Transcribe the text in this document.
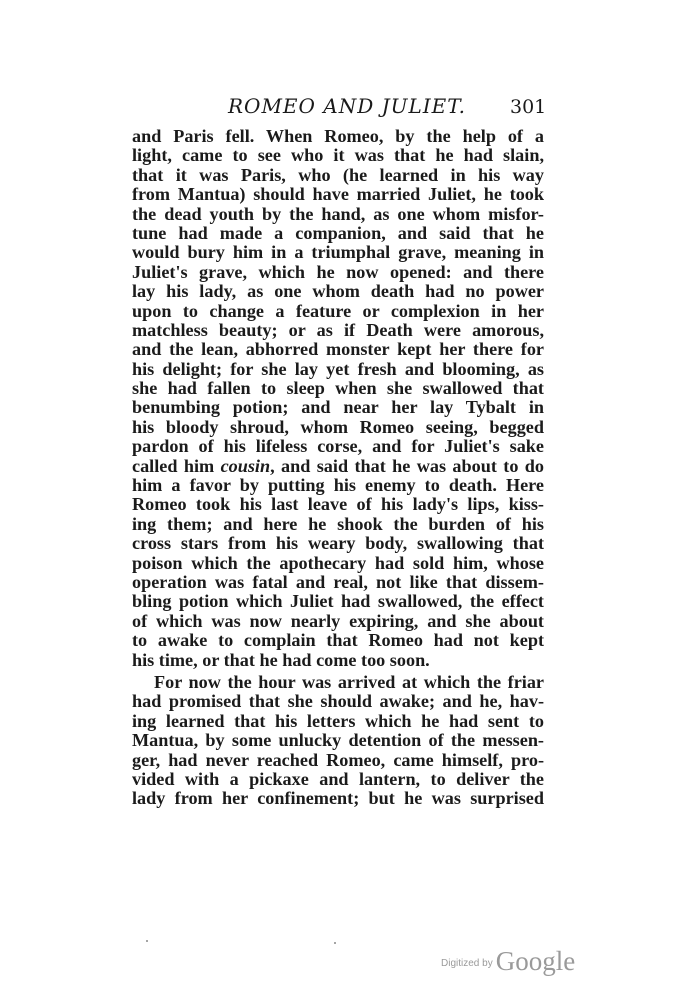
ROMEO AND JULIET. 301
and Paris fell. When Romeo, by the help of a
light, came to see who it was that he had slain,
that it was Paris, who (he learned in his way
from Mantua) should have married Juliet, he took
the dead youth by the hand, as one whom misfor-
tune had made a companion, and said that he
would bury him in a triumphal grave, meaning in
Juliet's grave, which he now opened: and there
lay his lady, as one whom death had no power
upon to change a feature or complexion in her
matchless beauty; or as if Death were amorous,
and the lean, abhorred monster kept her there for
his delight; for she lay yet fresh and blooming, as
she had fallen to sleep when she swallowed that
benumbing potion; and near her lay Tybalt in
his bloody shroud, whom Romeo seeing, begged
pardon of his lifeless corse, and for Juliet's sake
called him cousin, and said that he was about to do
him a favor by putting his enemy to death. Here
Romeo took his last leave of his lady's lips, kiss-
ing them; and here he shook the burden of his
cross stars from his weary body, swallowing that
poison which the apothecary had sold him, whose
operation was fatal and real, not like that dissem-
bling potion which Juliet had swallowed, the effect
of which was now nearly expiring, and she about
to awake to complain that Romeo had not kept
his time, or that he had come too soon.
For now the hour was arrived at which the friar
had promised that she should awake; and he, hav-
ing learned that his letters which he had sent to
Mantua, by some unlucky detention of the messen-
ger, had never reached Romeo, came himself, pro-
vided with a pickaxe and lantern, to deliver the
lady from her confinement; but he was surprised
$^{Digitized by}$ Google
